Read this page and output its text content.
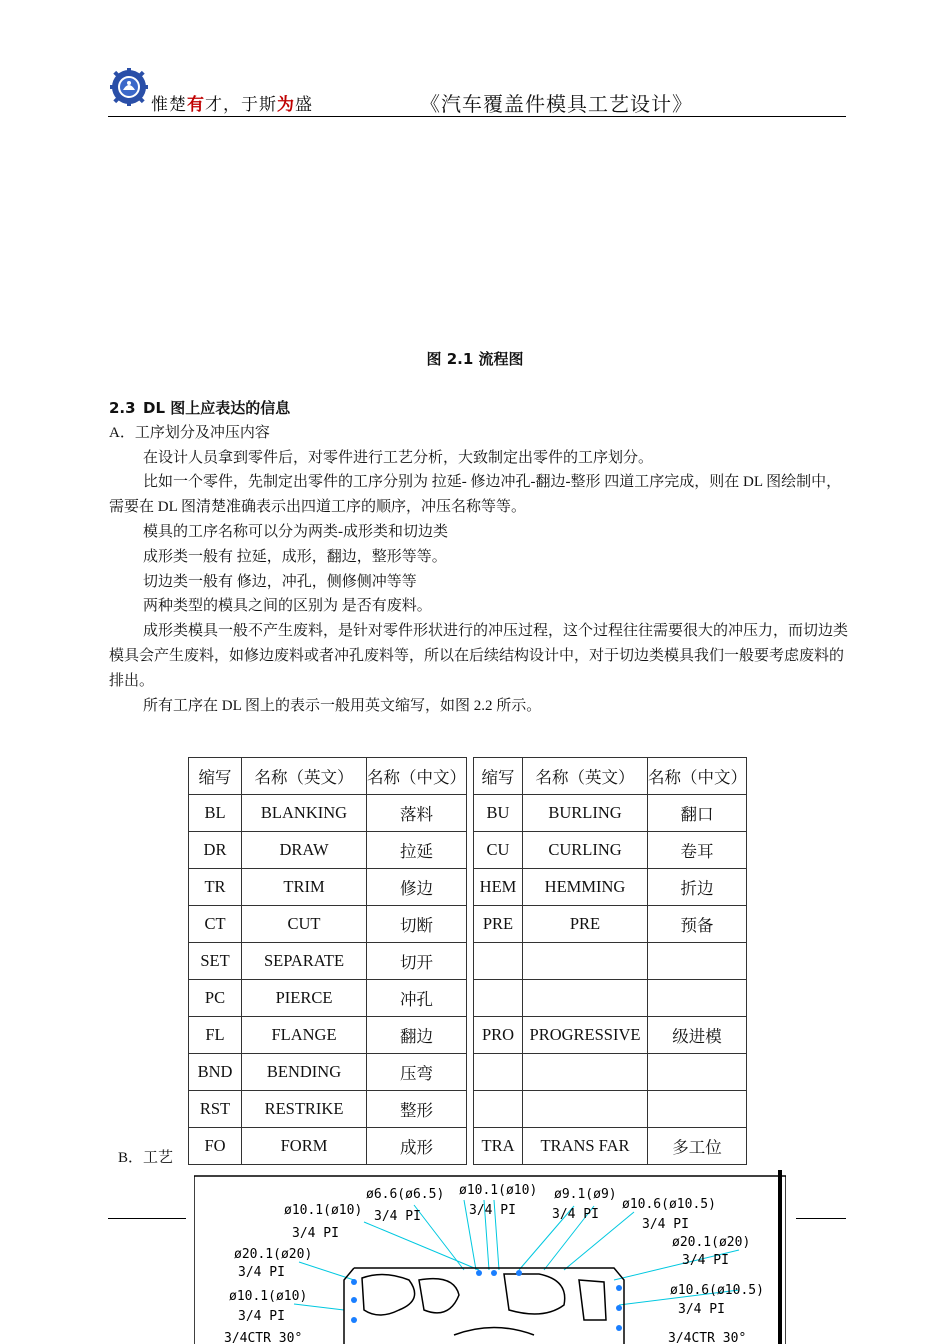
惟楚有才，于斯为盛	《汽车覆盖件模具工艺设计》
图 2.1 流程图

2.3 DL 图上应表达的信息

A．工序划分及冲压内容

在设计人员拿到零件后，对零件进行工艺分析，大致制定出零件的工序划分。

比如一个零件，先制定出零件的工序分别为 拉延- 修边冲孔-翻边-整形 四道工序完成，则在 DL 图绘制中，需要在 DL 图清楚准确表示出四道工序的顺序，冲压名称等等。

模具的工序名称可以分为两类-成形类和切边类

成形类一般有 拉延，成形，翻边，整形等等。

切边类一般有 修边，冲孔，侧修侧冲等等

两种类型的模具之间的区别为 是否有废料。

成形类模具一般不产生废料，是针对零件形状进行的冲压过程，这个过程往往需要很大的冲压力，而切边类模具会产生废料，如修边废料或者冲孔废料等，所以在后续结构设计中，对于切边类模具我们一般要考虑废料的排出。

所有工序在 DL 图上的表示一般用英文缩写，如图 2.2 所示。

缩写	名称（英文）	名称（中文）		缩写	名称（英文）	名称（中文）
BL	BLANKING	落料		BU	BURLING	翻口
DR	DRAW	拉延		CU	CURLING	卷耳
TR	TRIM	修边		HEM	HEMMING	折边
CT	CUT	切断		PRE	PRE	预备
SET	SEPARATE	切开				
PC	PIERCE	冲孔				
FL	FLANGE	翻边		PRO	PROGRESSIVE	级进模
BND	BENDING	压弯				
RST	RESTRIKE	整形				
FO	FORM	成形		TRA	TRANS FAR	多工位
B．工艺
ø6.6(ø6.5)
3/4 PI
ø10.1(ø10)
3/4 PI
ø9.1(ø9)
3/4 PI
ø10.6(ø10.5)
3/4 PI
ø10.1(ø10)
3/4 PI
ø20.1(ø20)
3/4 PI
ø20.1(ø20)
3/4 PI
ø10.1(ø10)
3/4 PI
ø10.6(ø10.5)
3/4 PI
3/4CTR 30°	3/4CTR 30°
